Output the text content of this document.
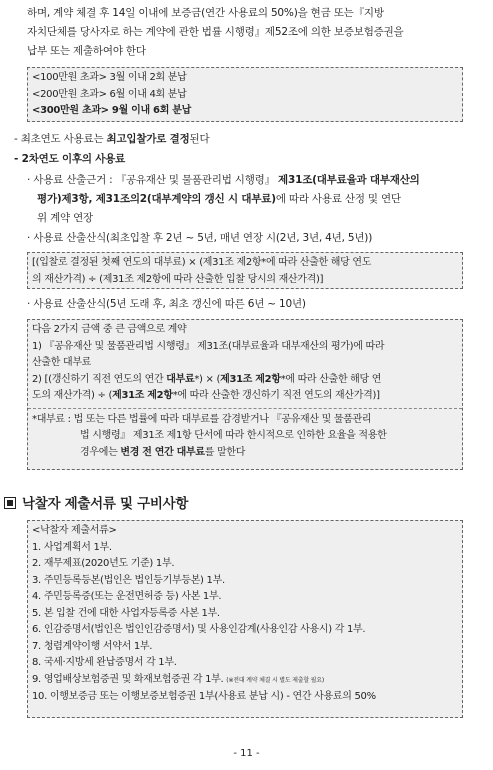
하며, 계약 체결 후 14일 이내에 보증금(연간 사용료의 50%)을 현금 또는『지방
자치단체를 당사자로 하는 계약에 관한 법률 시행령』제52조에 의한 보증보험증권을
납부 또는 제출하여야 한다
<100만원 초과> 3월 이내 2회 분납
<200만원 초과> 6월 이내 4회 분납
<300만원 초과> 9월 이내 6회 분납
- 최초연도 사용료는 최고입찰가로 결정된다
- 2차연도 이후의 사용료
· 사용료 산출근거 : 『공유재산 및 물품관리법 시행령』 제31조(대부료율과 대부재산의
평가)제3항, 제31조의2(대부계약의 갱신 시 대부료)에 따라 사용료 산정 및 연단
위 계약 연장
· 사용료 산출산식(최초입찰 후 2년 ~ 5년, 매년 연장 시(2년, 3년, 4년, 5년))
[(입찰로 결정된 첫째 연도의 대부료) × (제31조 제2항*에 따라 산출한 해당 연도
의 재산가격) ÷ (제31조 제2항에 따라 산출한 입찰 당시의 재산가격)]
· 사용료 산출산식(5년 도래 후, 최초 갱신에 따른 6년 ~ 10년)
다음 2가지 금액 중 큰 금액으로 계약
1) 『공유재산 및 물품관리법 시행령』 제31조(대부료율과 대부재산의 평가)에 따라
산출한 대부료
2) [(갱신하기 직전 연도의 연간 대부료*) × (제31조 제2항*에 따라 산출한 해당 연
도의 재산가격) ÷ (제31조 제2항*에 따라 산출한 갱신하기 직전 연도의 재산가격)]
*대부료 : 법 또는 다른 법률에 따라 대부료를 감경받거나 『공유재산 및 물품관리
법 시행령』 제31조 제1항 단서에 따라 한시적으로 인하한 요율을 적용한
경우에는 변경 전 연간 대부료를 말한다
낙찰자 제출서류 및 구비사항
<낙찰자 제출서류>
1. 사업계획서 1부.
2. 재무제표(2020년도 기준) 1부.
3. 주민등록등본(법인은 법인등기부등본) 1부.
4. 주민등록증(또는 운전면허증 등) 사본 1부.
5. 본 입찰 건에 대한 사업자등록증 사본 1부.
6. 인감증명서(법인은 법인인감증명서) 및 사용인감계(사용인감 사용시) 각 1부.
7. 청렴계약이행 서약서 1부.
8. 국세·지방세 완납증명서 각 1부.
9. 영업배상보험증권 및 화재보험증권 각 1부. (※전대 계약 체결 시 별도 제출할 필요)
10. 이행보증금 또는 이행보증보험증권 1부(사용료 분납 시) - 연간 사용료의 50%
- 11 -
